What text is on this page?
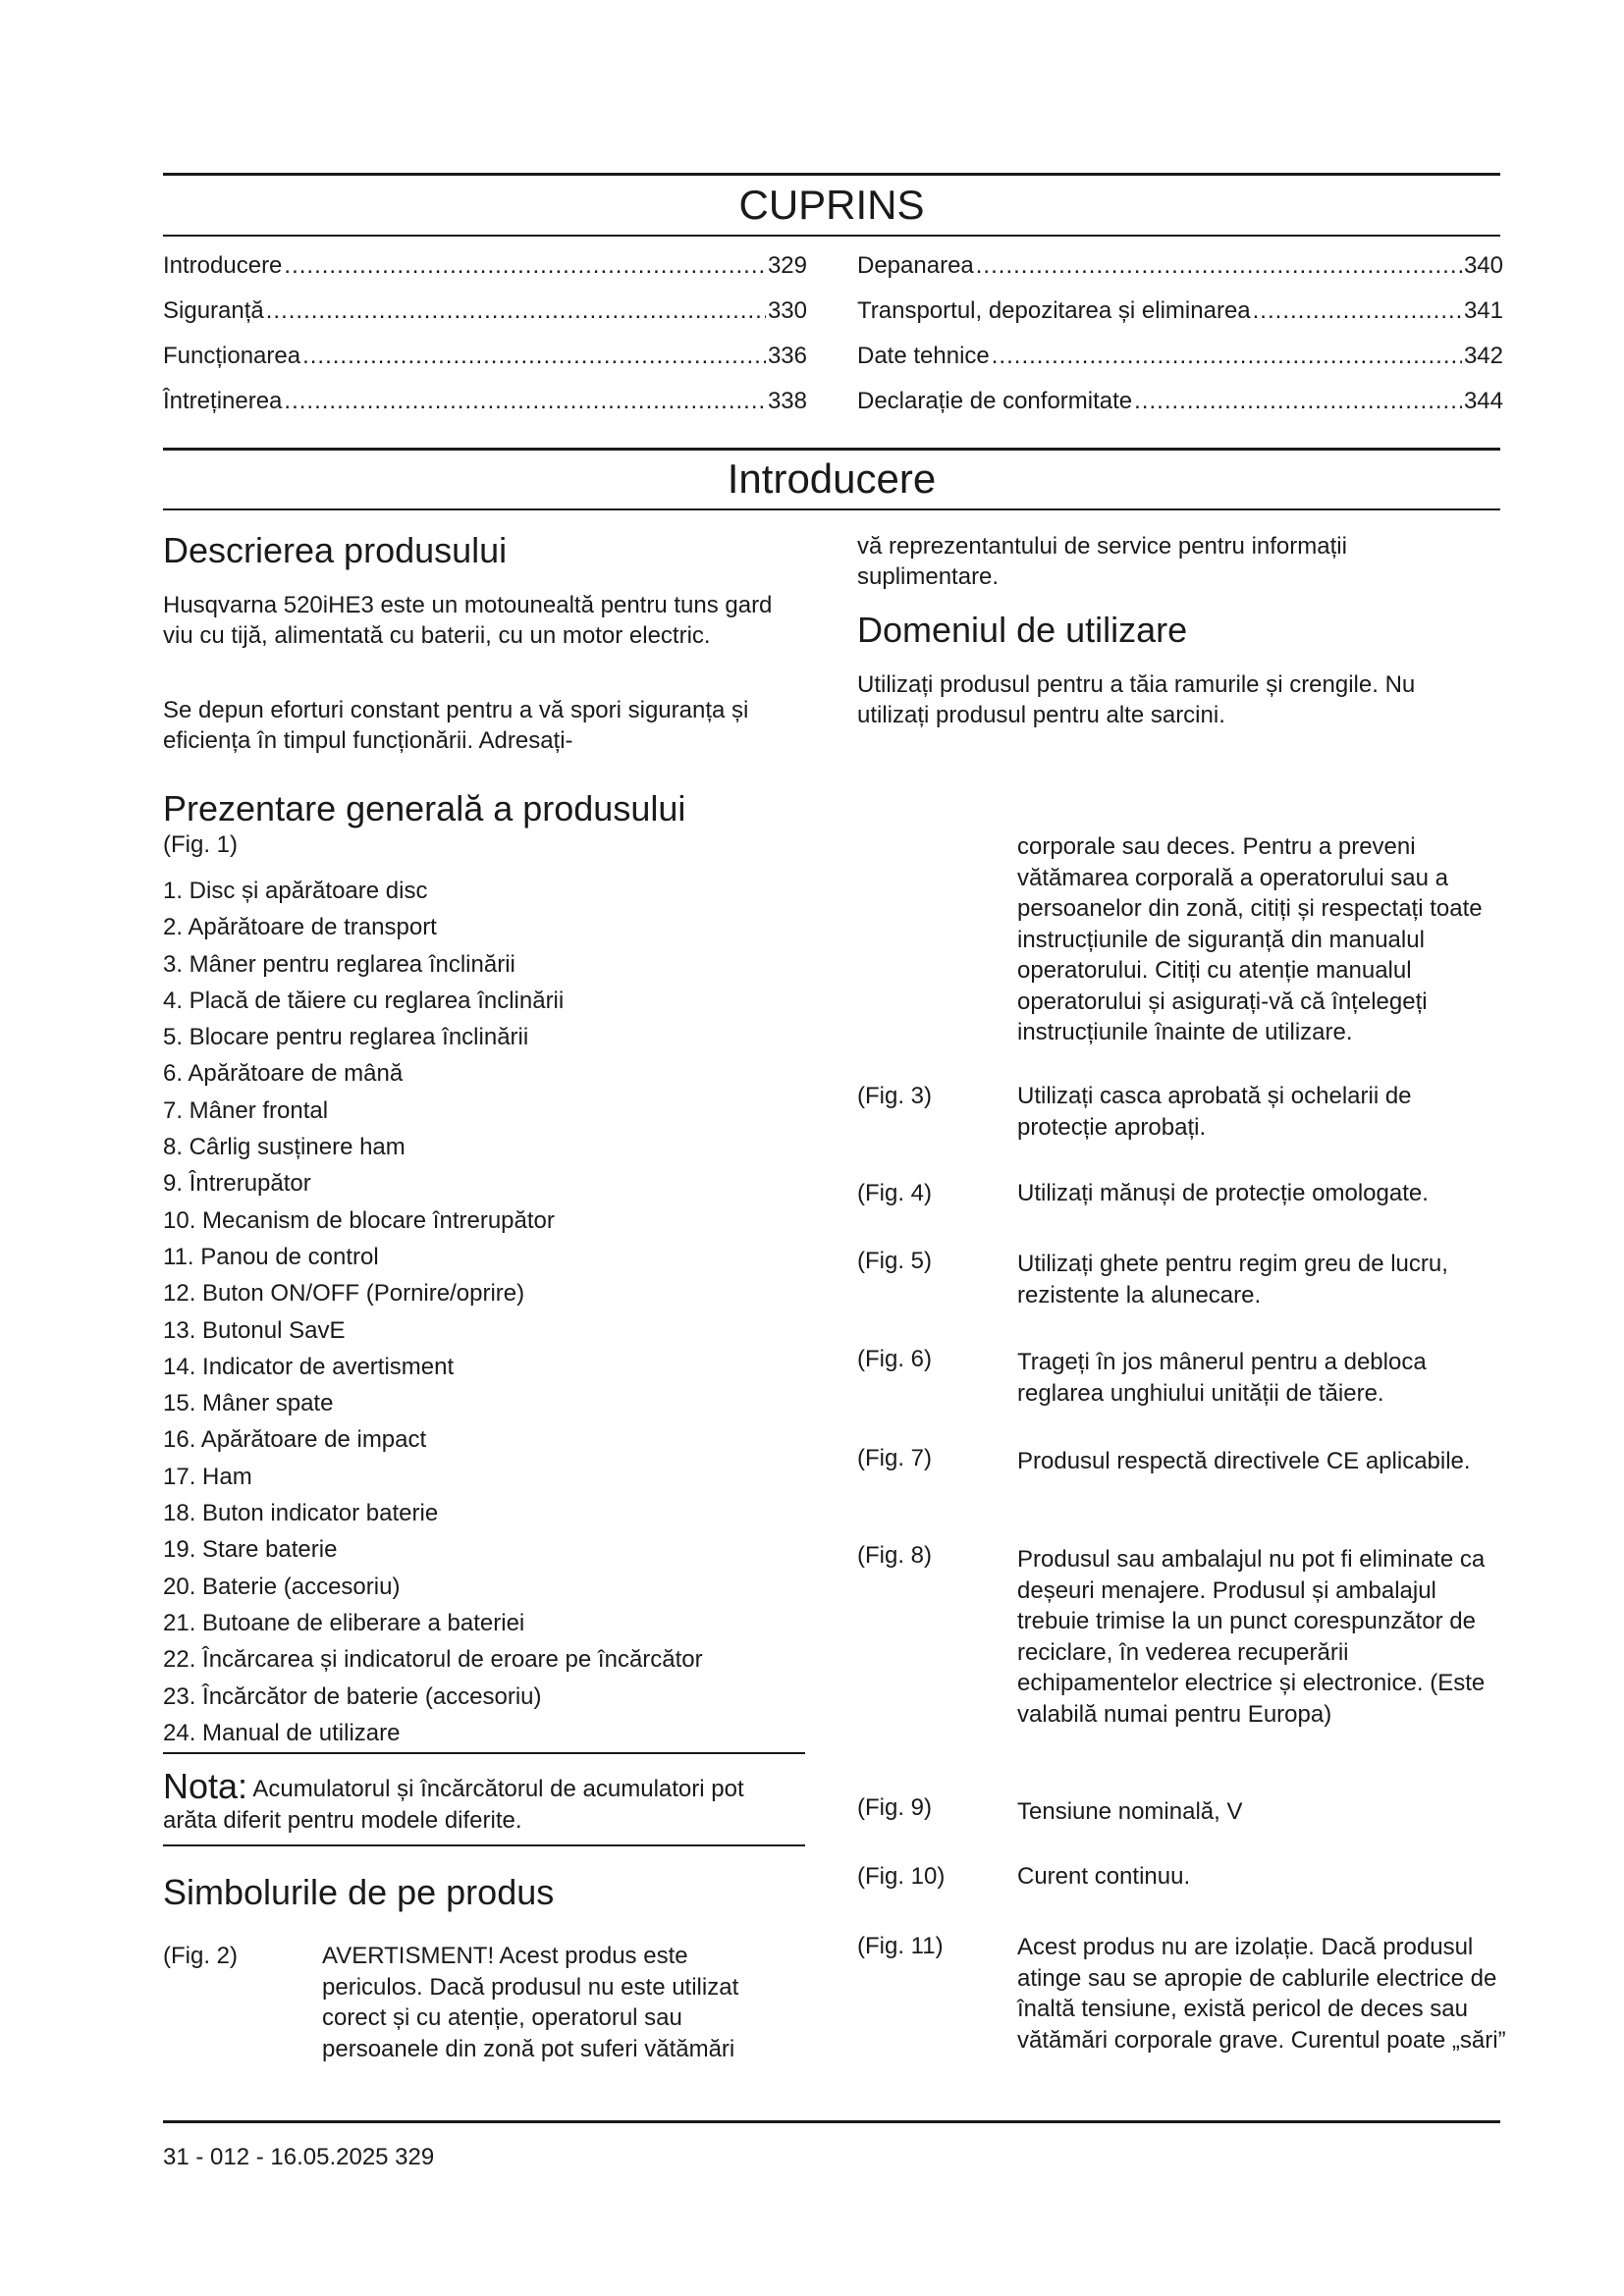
CUPRINS
Introducere .....	329
Siguranță .....	330
Funcționarea .....	336
Întreținerea .....	338
Depanarea .....	340
Transportul, depozitarea și eliminarea .....	341
Date tehnice .....	342
Declarație de conformitate .....	344
Introducere
Descrierea produsului
Husqvarna 520iHE3 este un motounealtă pentru tuns gard viu cu tijă, alimentată cu baterii, cu un motor electric.
Se depun eforturi constant pentru a vă spori siguranța și eficiența în timpul funcționării. Adresați-
vă reprezentantului de service pentru informații suplimentare.
Domeniul de utilizare
Utilizați produsul pentru a tăia ramurile și crengile. Nu utilizați produsul pentru alte sarcini.
Prezentare generală a produsului
(Fig. 1)
1. Disc și apărătoare disc
2. Apărătoare de transport
3. Mâner pentru reglarea înclinării
4. Placă de tăiere cu reglarea înclinării
5. Blocare pentru reglarea înclinării
6. Apărătoare de mână
7. Mâner frontal
8. Cârlig susținere ham
9. Întrerupător
10. Mecanism de blocare întrerupător
11. Panou de control
12. Buton ON/OFF (Pornire/oprire)
13. Butonul SavE
14. Indicator de avertisment
15. Mâner spate
16. Apărătoare de impact
17. Ham
18. Buton indicator baterie
19. Stare baterie
20. Baterie (accesoriu)
21. Butoane de eliberare a bateriei
22. Încărcarea și indicatorul de eroare pe încărcător
23. Încărcător de baterie (accesoriu)
24. Manual de utilizare
Nota: Acumulatorul și încărcătorul de acumulatori pot arăta diferit pentru modele diferite.
Simbolurile de pe produs
(Fig. 2)	AVERTISMENT! Acest produs este periculos. Dacă produsul nu este utilizat corect și cu atenție, operatorul sau persoanele din zonă pot suferi vătămări
corporale sau deces. Pentru a preveni vătămarea corporală a operatorului sau a persoanelor din zonă, citiți și respectați toate instrucțiunile de siguranță din manualul operatorului. Citiți cu atenție manualul operatorului și asigurați-vă că înțelegeți instrucțiunile înainte de utilizare.
(Fig. 3)	Utilizați casca aprobată și ochelarii de protecție aprobați.
(Fig. 4)	Utilizați mănuși de protecție omologate.
(Fig. 5)	Utilizați ghete pentru regim greu de lucru, rezistente la alunecare.
(Fig. 6)	Trageți în jos mânerul pentru a debloca reglarea unghiului unității de tăiere.
(Fig. 7)	Produsul respectă directivele CE aplicabile.
(Fig. 8)	Produsul sau ambalajul nu pot fi eliminate ca deșeuri menajere. Produsul și ambalajul trebuie trimise la un punct corespunzător de reciclare, în vederea recuperării echipamentelor electrice și electronice. (Este valabilă numai pentru Europa)
(Fig. 9)	Tensiune nominală, V
(Fig. 10)	Curent continuu.
(Fig. 11)	Acest produs nu are izolație. Dacă produsul atinge sau se apropie de cablurile electrice de înaltă tensiune, există pericol de deces sau vătămări corporale grave. Curentul poate „sări”
31 - 012 - 16.05.2025 329
